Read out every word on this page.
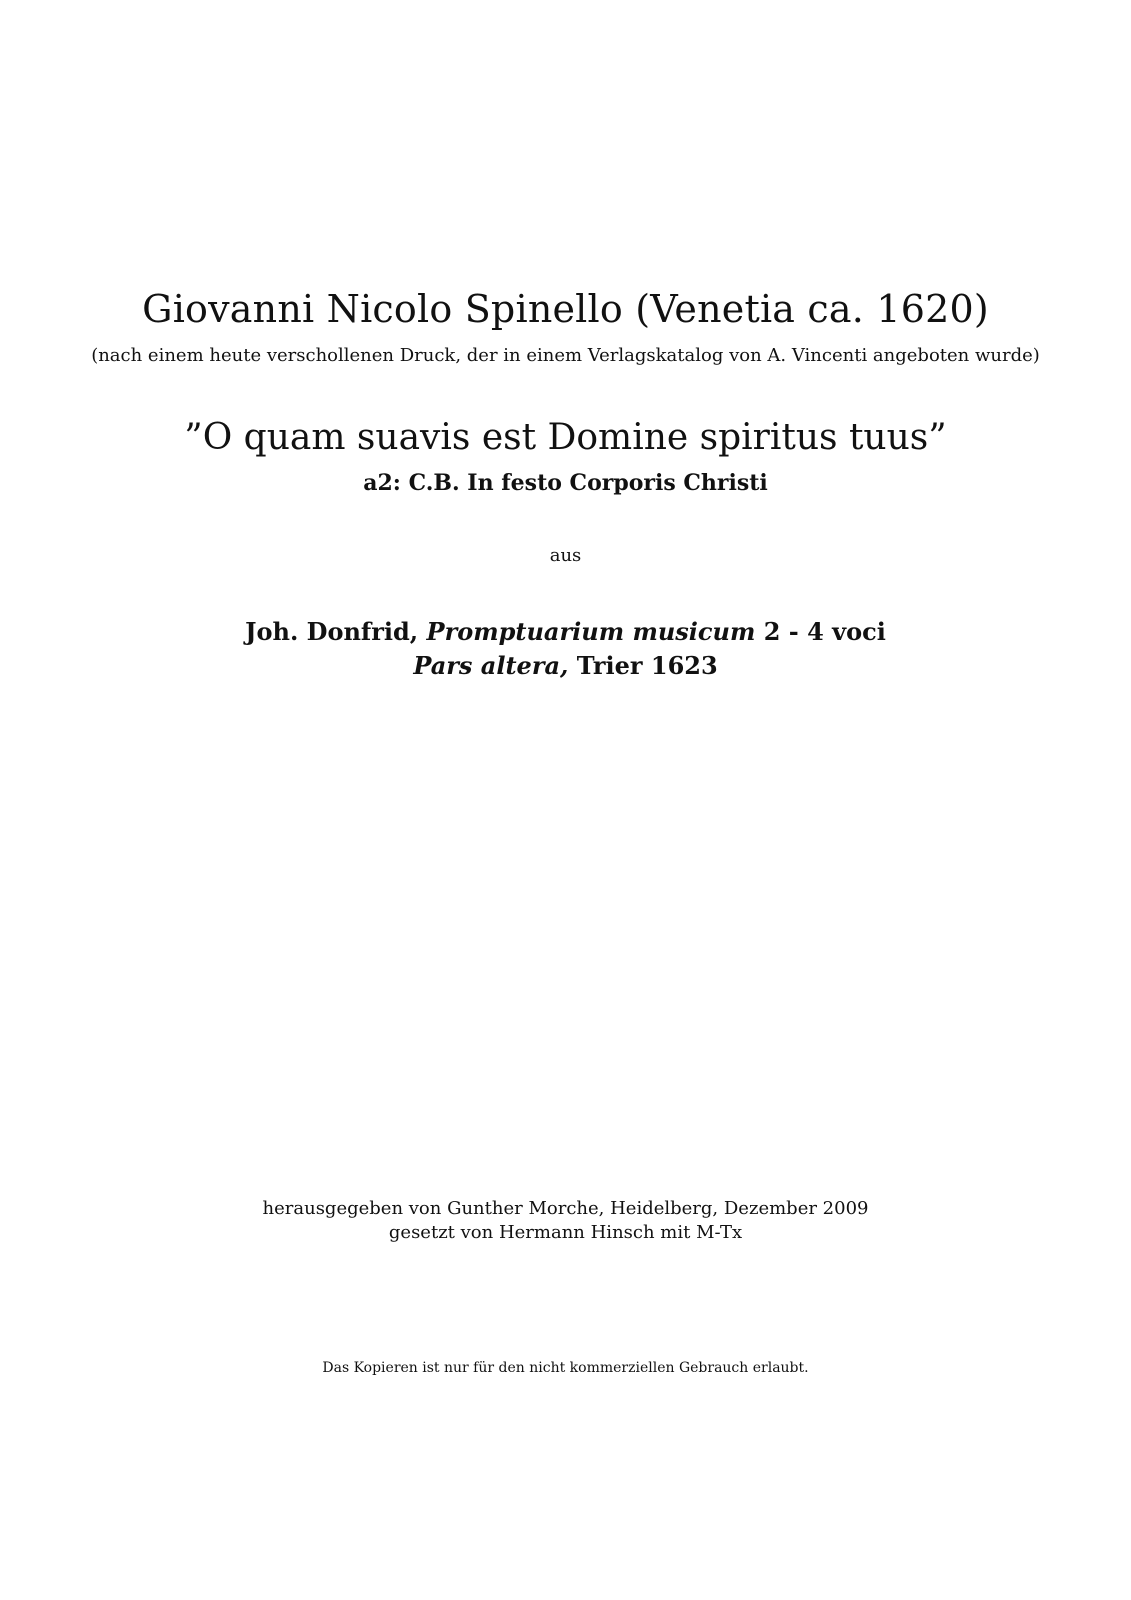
Giovanni Nicolo Spinello (Venetia ca. 1620)

(nach einem heute verschollenen Druck, der in einem Verlagskatalog von A. Vincenti angeboten wurde)

”O quam suavis est Domine spiritus tuus”

a2: C.B. In festo Corporis Christi

aus

Joh. Donfrid, Promptuarium musicum 2 - 4 voci

Pars altera, Trier 1623

herausgegeben von Gunther Morche, Heidelberg, Dezember 2009

gesetzt von Hermann Hinsch mit M-Tx

Das Kopieren ist nur für den nicht kommerziellen Gebrauch erlaubt.
